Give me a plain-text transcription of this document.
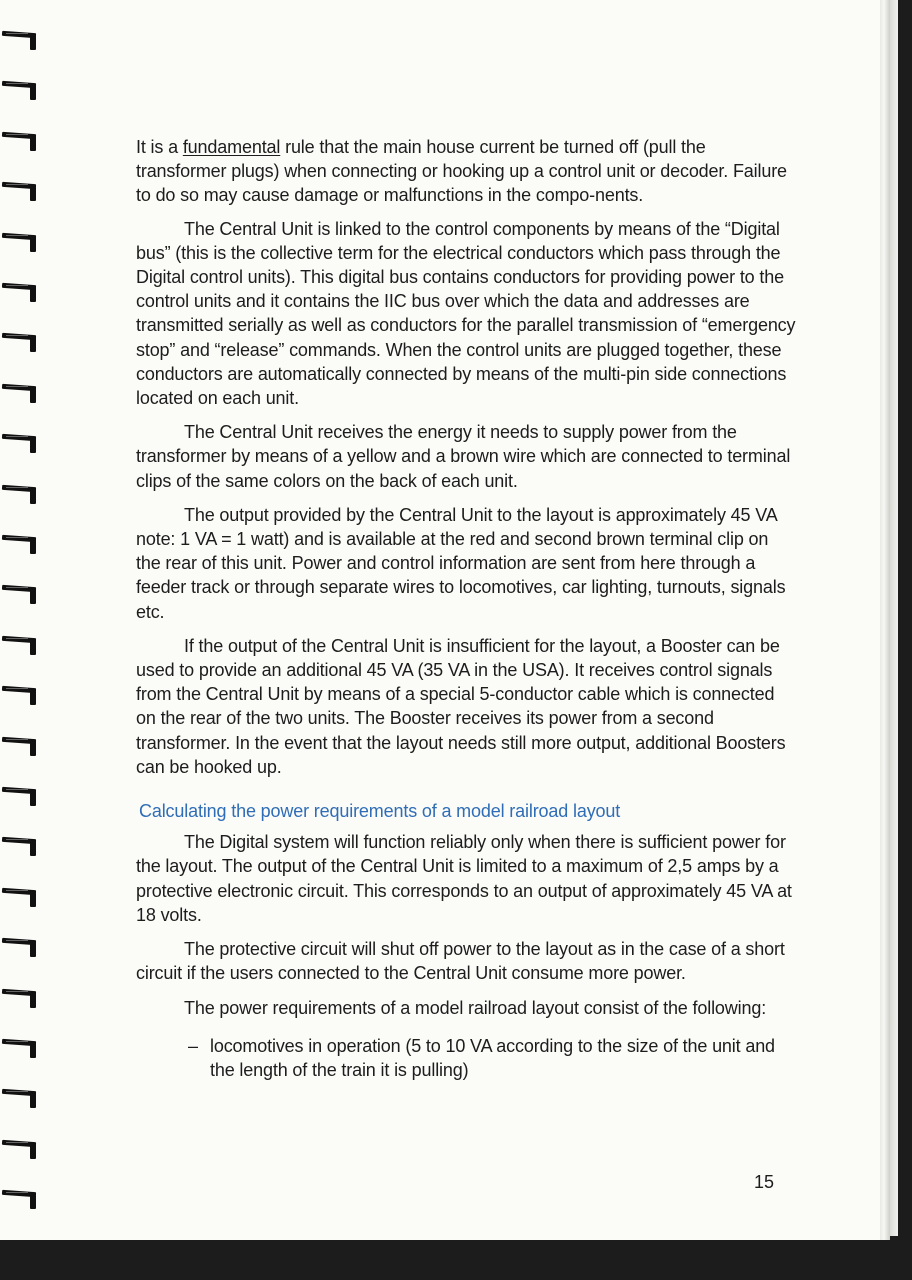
It is a fundamental rule that the main house current be turned off (pull the transformer plugs) when connecting or hooking up a control unit or decoder. Failure to do so may cause damage or malfunctions in the compo-nents.

The Central Unit is linked to the control components by means of the “Digital bus” (this is the collective term for the electrical conductors which pass through the Digital control units). This digital bus contains conductors for providing power to the control units and it contains the IIC bus over which the data and addresses are transmitted serially as well as conductors for the parallel transmission of “emergency stop” and “release” commands. When the control units are plugged together, these conductors are automatically connected by means of the multi-pin side connections located on each unit.

The Central Unit receives the energy it needs to supply power from the transformer by means of a yellow and a brown wire which are connected to terminal clips of the same colors on the back of each unit.

The output provided by the Central Unit to the layout is approximately 45 VA note: 1 VA = 1 watt) and is available at the red and second brown terminal clip on the rear of this unit. Power and control information are sent from here through a feeder track or through separate wires to locomotives, car lighting, turnouts, signals etc.

If the output of the Central Unit is insufficient for the layout, a Booster can be used to provide an additional 45 VA (35 VA in the USA). It receives control signals from the Central Unit by means of a special 5-conductor cable which is connected on the rear of the two units. The Booster receives its power from a second transformer. In the event that the layout needs still more output, additional Boosters can be hooked up.

Calculating the power requirements of a model railroad layout

The Digital system will function reliably only when there is sufficient power for the layout. The output of the Central Unit is limited to a maximum of 2,5 amps by a protective electronic circuit. This corresponds to an output of approximately 45 VA at 18 volts.

The protective circuit will shut off power to the layout as in the case of a short circuit if the users connected to the Central Unit consume more power.

The power requirements of a model railroad layout consist of the following:

– locomotives in operation (5 to 10 VA according to the size of the unit and the length of the train it is pulling)
15
